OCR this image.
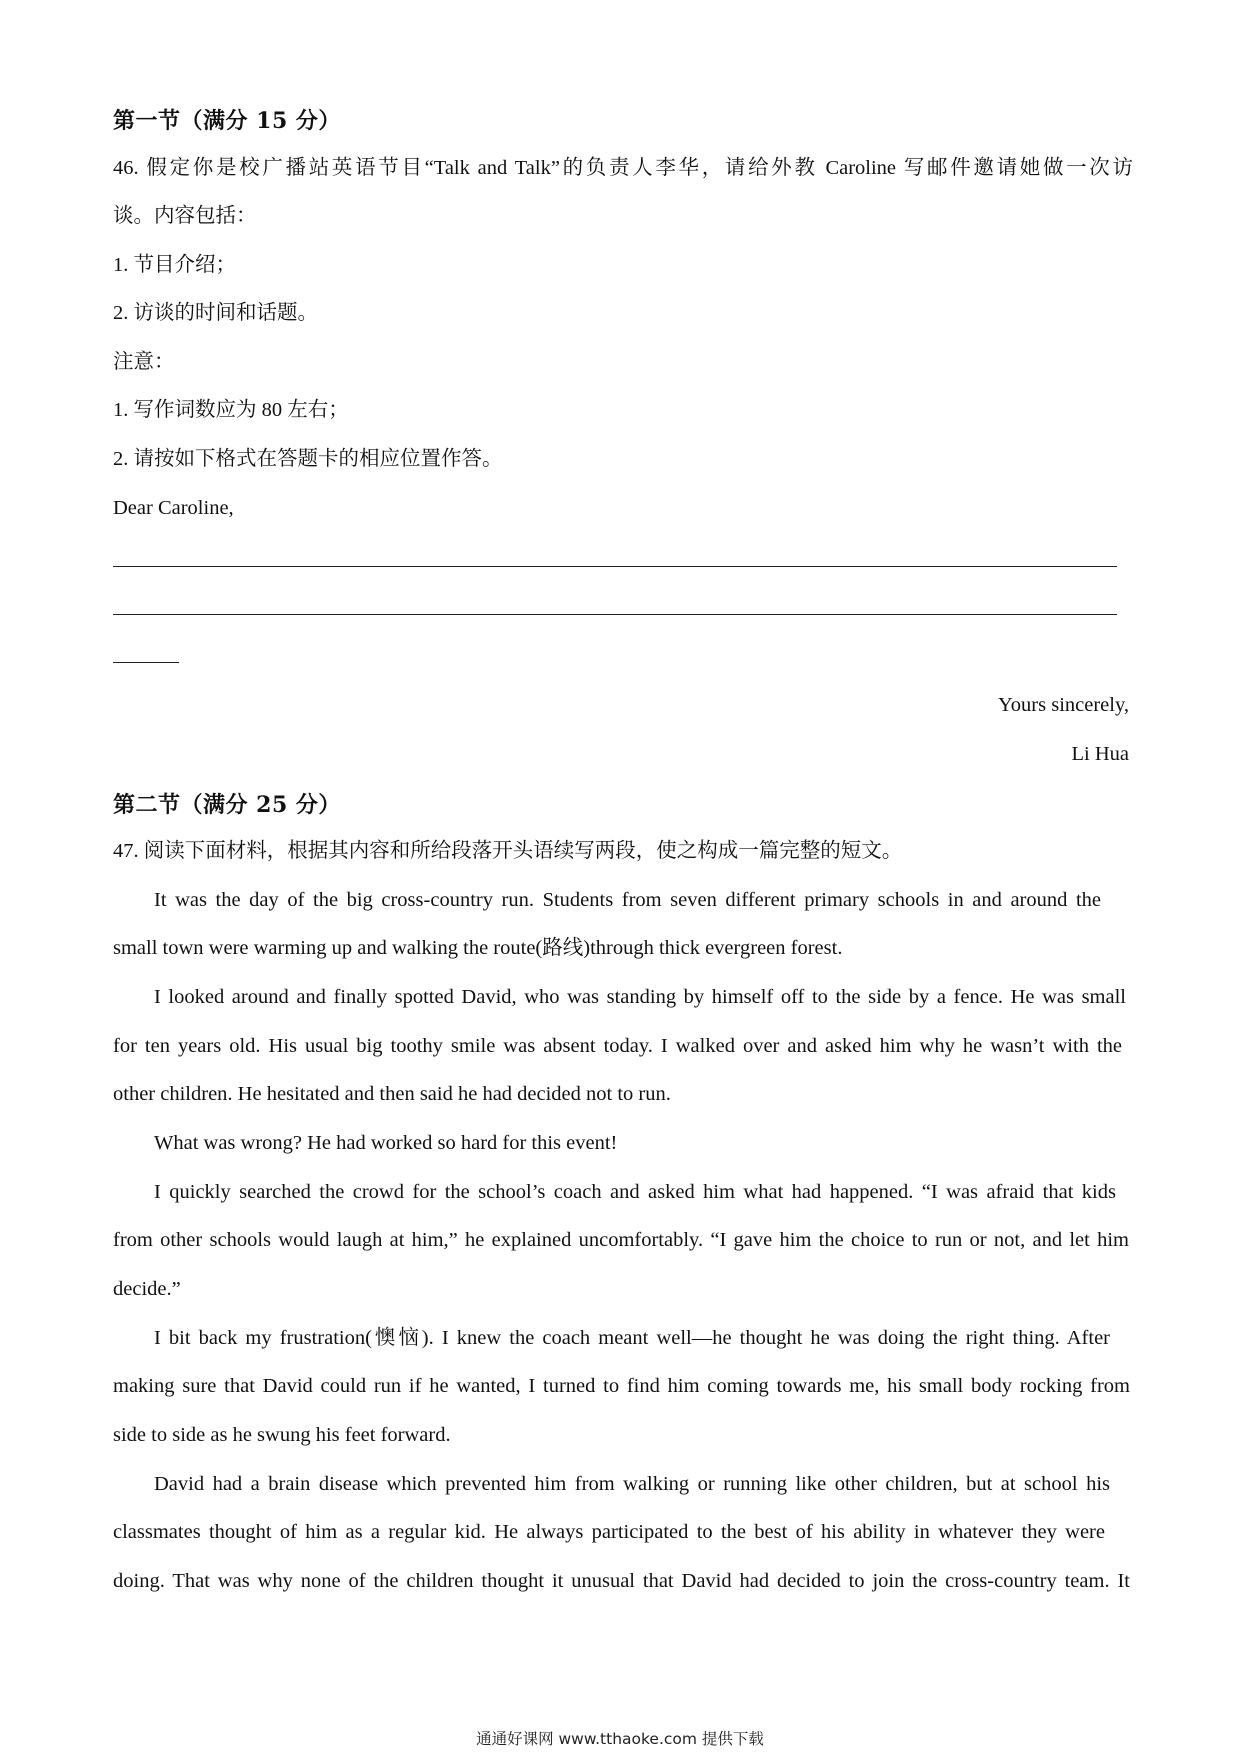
第一节（满分 15 分）
46. 假定你是校广播站英语节目“Talk and Talk”的负责人李华，请给外教 Caroline 写邮件邀请她做一次访
谈。内容包括：
1. 节目介绍；
2. 访谈的时间和话题。
注意：
1. 写作词数应为 80 左右；
2. 请按如下格式在答题卡的相应位置作答。
Dear Caroline,
Yours sincerely,
Li Hua
第二节（满分 25 分）
47. 阅读下面材料，根据其内容和所给段落开头语续写两段，使之构成一篇完整的短文。
It was the day of the big cross-country run. Students from seven different primary schools in and around the
small town were warming up and walking the route(路线)through thick evergreen forest.
I looked around and finally spotted David, who was standing by himself off to the side by a fence. He was small
for ten years old. His usual big toothy smile was absent today. I walked over and asked him why he wasn’t with the
other children. He hesitated and then said he had decided not to run.
What was wrong? He had worked so hard for this event!
I quickly searched the crowd for the school’s coach and asked him what had happened. “I was afraid that kids
from other schools would laugh at him,” he explained uncomfortably. “I gave him the choice to run or not, and let him
decide.”
I bit back my frustration(懊恼). I knew the coach meant well—he thought he was doing the right thing. After
making sure that David could run if he wanted, I turned to find him coming towards me, his small body rocking from
side to side as he swung his feet forward.
David had a brain disease which prevented him from walking or running like other children, but at school his
classmates thought of him as a regular kid. He always participated to the best of his ability in whatever they were
doing. That was why none of the children thought it unusual that David had decided to join the cross-country team. It
通通好课网 www.tthaoke.com 提供下载
